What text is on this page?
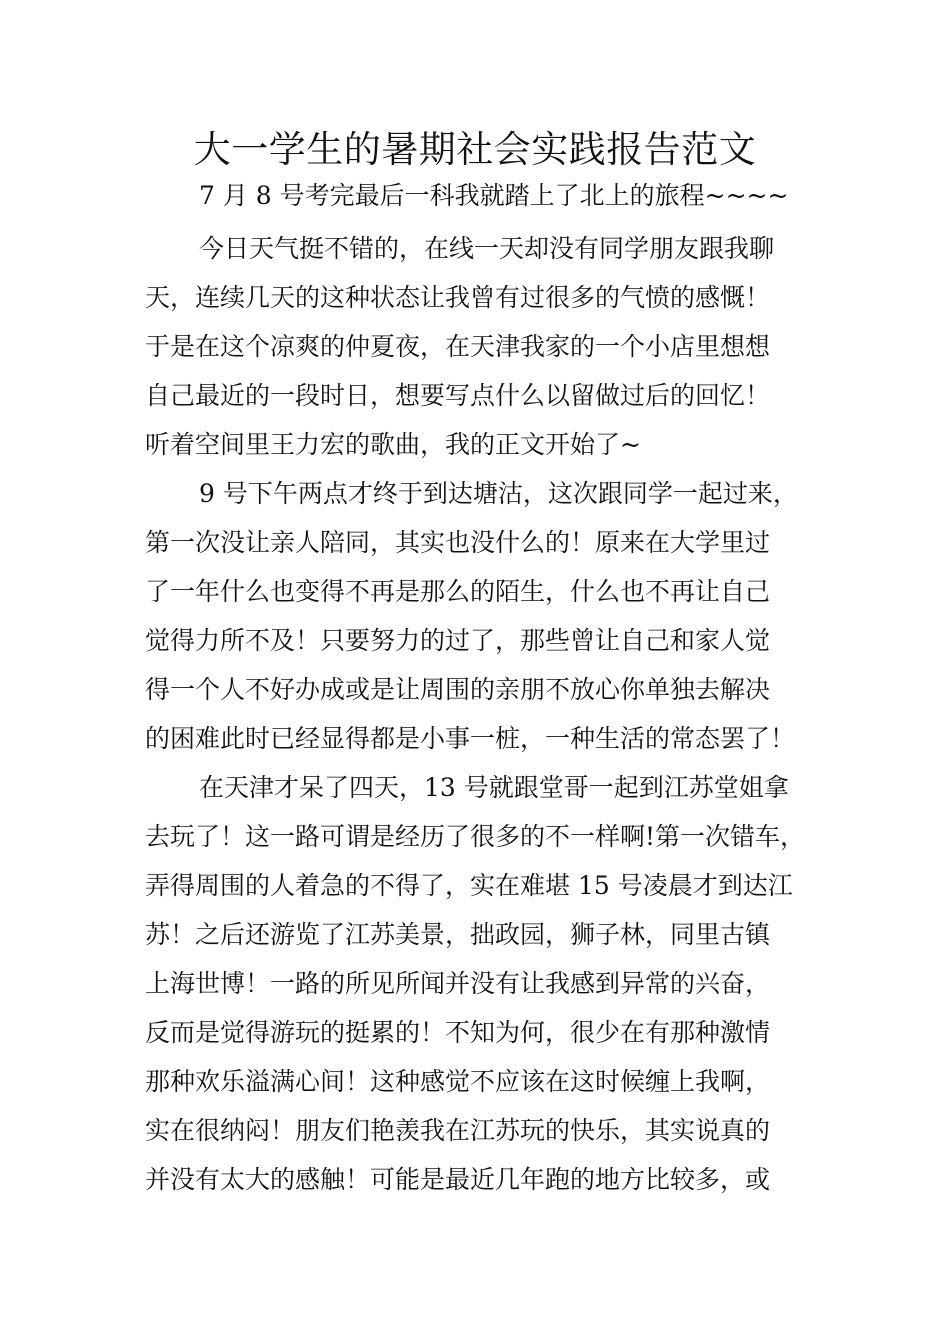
大一学生的暑期社会实践报告范文

7 月 8 号考完最后一科我就踏上了北上的旅程~~~~

今日天气挺不错的，在线一天却没有同学朋友跟我聊

天，连续几天的这种状态让我曾有过很多的气愤的感慨！

于是在这个凉爽的仲夏夜，在天津我家的一个小店里想想

自己最近的一段时日，想要写点什么以留做过后的回忆！

听着空间里王力宏的歌曲，我的正文开始了~

9 号下午两点才终于到达塘沽，这次跟同学一起过来，

第一次没让亲人陪同，其实也没什么的！原来在大学里过

了一年什么也变得不再是那么的陌生，什么也不再让自己

觉得力所不及！只要努力的过了，那些曾让自己和家人觉

得一个人不好办成或是让周围的亲朋不放心你单独去解决

的困难此时已经显得都是小事一桩，一种生活的常态罢了！

在天津才呆了四天，13 号就跟堂哥一起到江苏堂姐拿

去玩了！这一路可谓是经历了很多的不一样啊!第一次错车，

弄得周围的人着急的不得了，实在难堪 15 号凌晨才到达江

苏！之后还游览了江苏美景，拙政园，狮子林，同里古镇

上海世博！一路的所见所闻并没有让我感到异常的兴奋，

反而是觉得游玩的挺累的！不知为何，很少在有那种激情

那种欢乐溢满心间！这种感觉不应该在这时候缠上我啊，

实在很纳闷！朋友们艳羡我在江苏玩的快乐，其实说真的

并没有太大的感触！可能是最近几年跑的地方比较多，或
